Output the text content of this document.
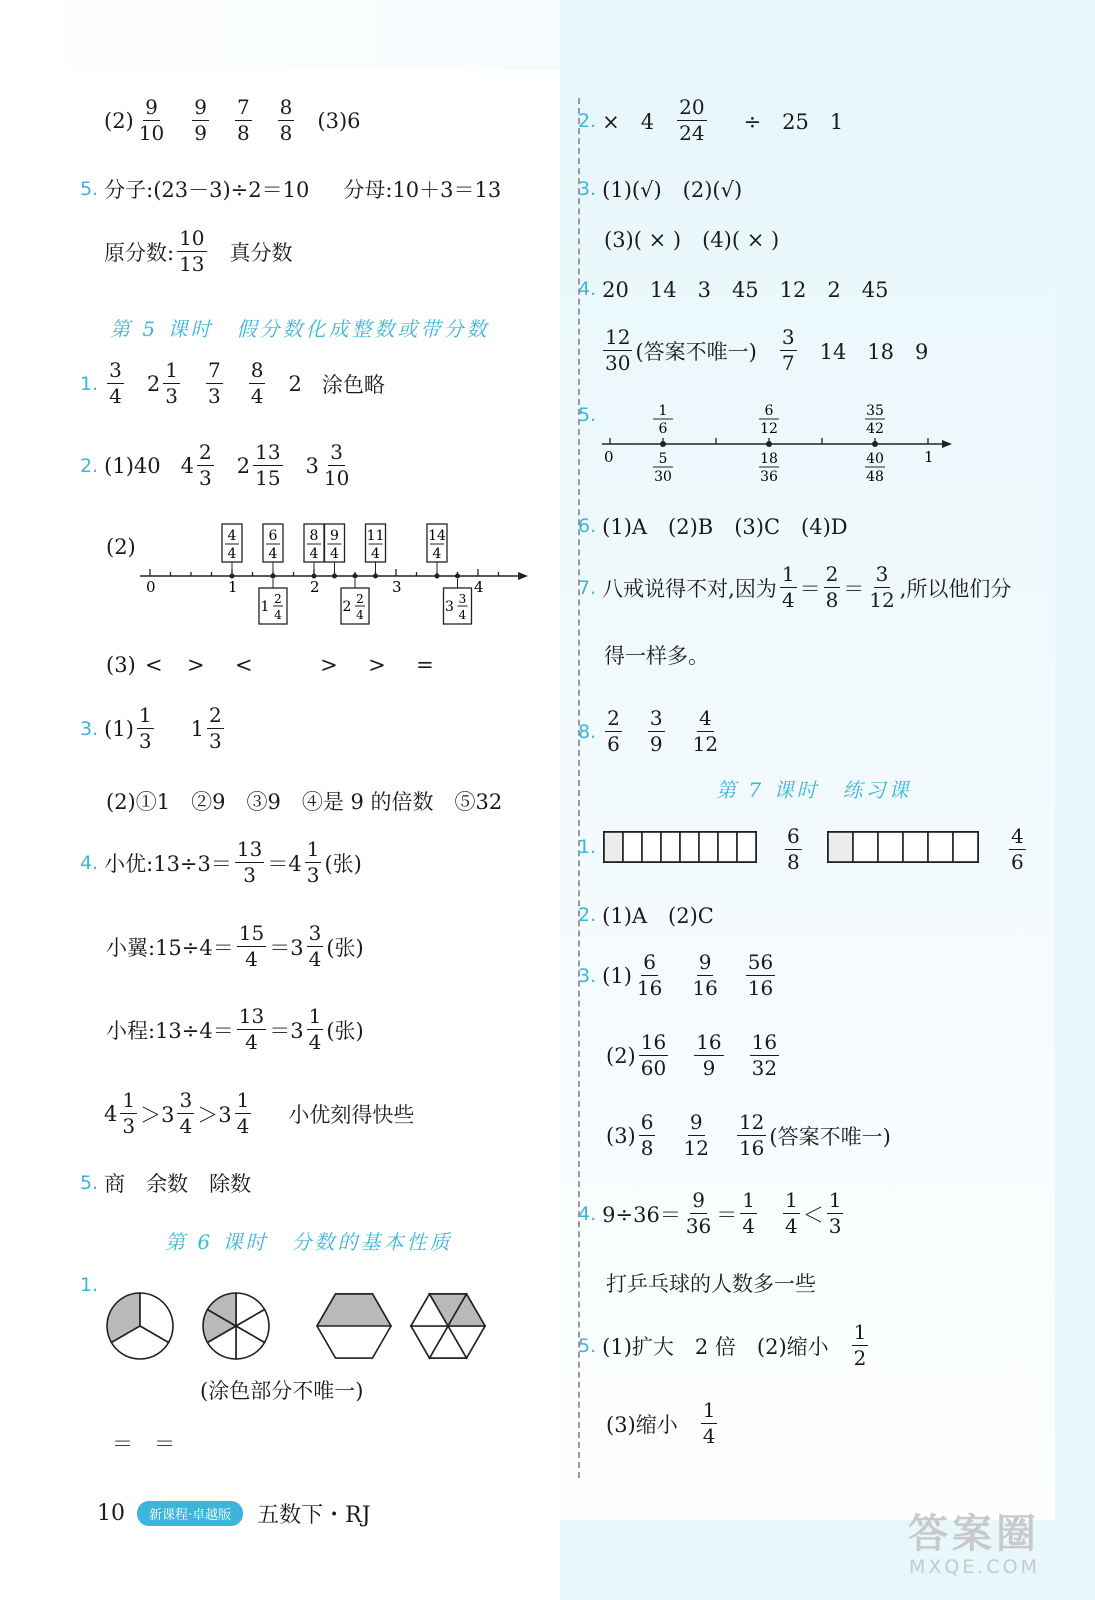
(2)
9
10
9
9
7
8
8
8
(3)6
5. 分子:(23－3)÷2＝10 分母:10＋3＝13
原分数:
10
13 真分数
第 5 课时　假分数化成整数或带分数
1.
3
4
2
1
3
7
3
8
4
2 涂色略
2. (1)40 4
2
3
2
13
15
3
3
10
(2)
0	1	2	3	4
4
4
6
4
8
4
9
4
11
4
14
4
1 2
4	2 2
4	3 3
4
(3) <	>	<	>	>	=
3. (1)
1
3
1
2
3
(2)①1　②9　③9　④是 9 的倍数　⑤32
4. 小优:13÷3＝
13
3 ＝4
1
3 (张)
小翼:15÷4＝
15
4 ＝3
3
4 (张)
小程:13÷4＝
13
4 ＝3
1
4 (张)
4
1
3 ＞3
3
4 ＞3
1
4 小优刻得快些
5. 商　余数　除数
第 6 课时　分数的基本性质
1.
(涂色部分不唯一)
＝　＝
2. ×　4
20
24 ÷　25　1
3. (1)(√)　(2)(√)
(3)( × )　(4)( × )
4. 20　14　3　45　12　2　45
12
30 (答案不唯一)
3
7 14　18　9
5.
0	1
1
6
6
12
35
42
5
30
18
36
40
48
6. (1)A　(2)B　(3)C　(4)D
7. 八戒说得不对,因为
1
4 ＝
2
8 ＝
3
12 ,所以他们分
得一样多。
8.
2
6
3
9
4
12
第 7 课时　练习课
1.	6
8
4
6
2. (1)A　(2)C
3. (1)
6
16
9
16
56
16
(2)
16
60
16
9
16
32
(3)
6
8
9
12
12
16 (答案不唯一)
4. 9÷36＝
9
36 ＝
1
4
1
4 ＜
1
3
打乒乓球的人数多一些
5. (1)扩大　2 倍　(2)缩小
1
2
(3)缩小
1
4
10	新课程·卓越版	五数下・RJ	答案圈
MXQE.COM
